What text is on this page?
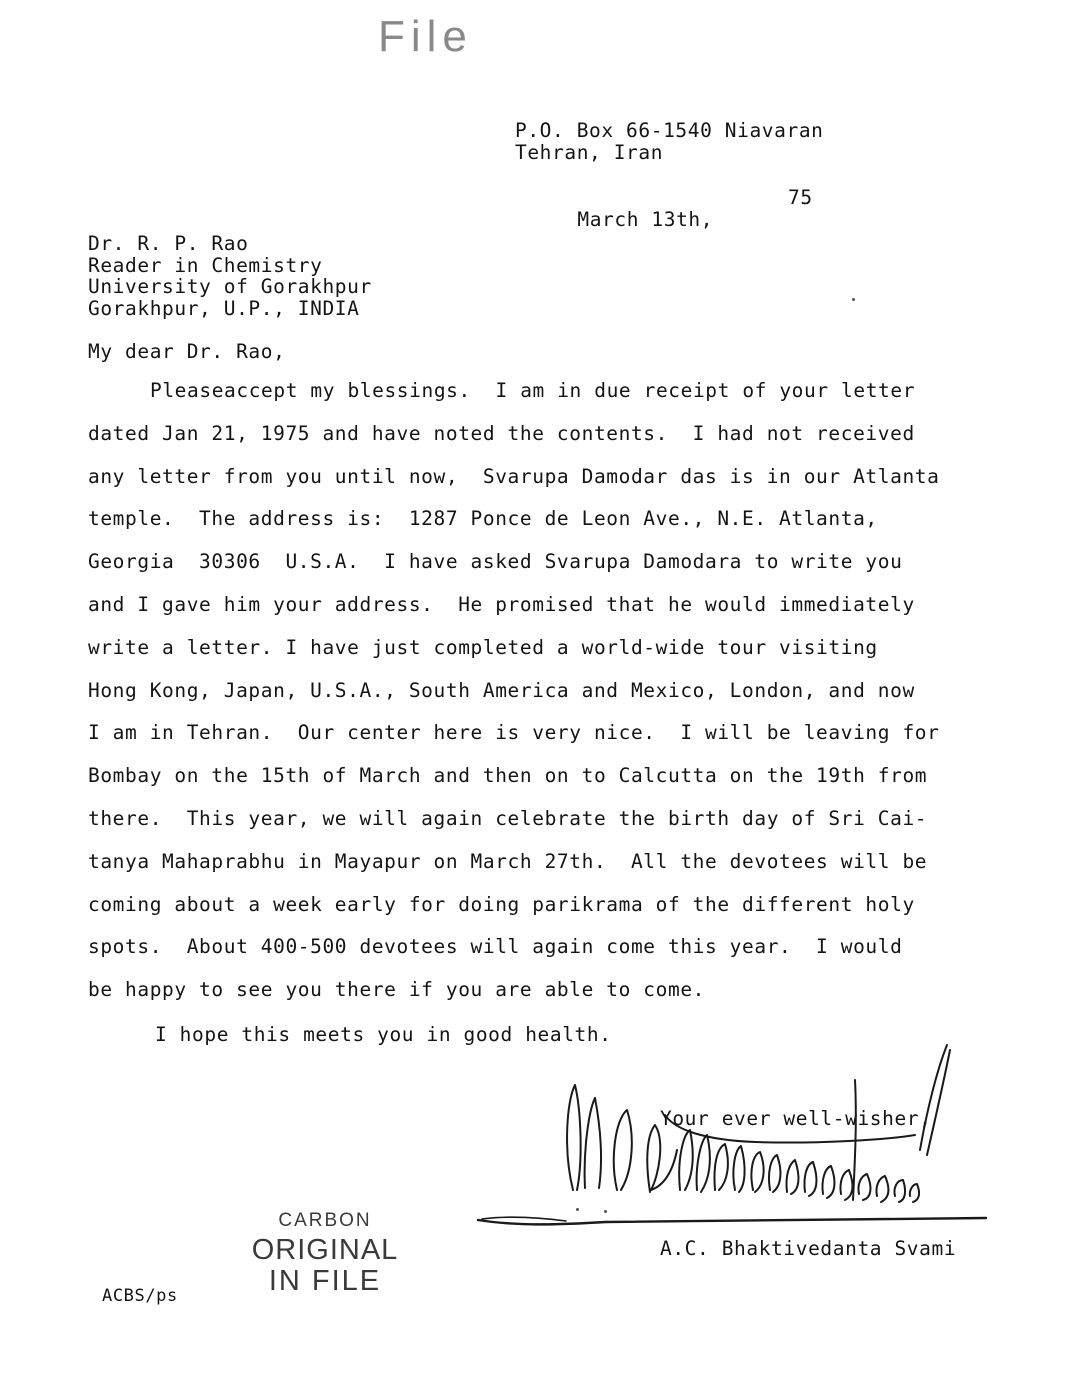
File
P.O. Box 66-1540 Niavaran
Tehran, Iran

March 13th,

75

Dr. R. P. Rao
Reader in Chemistry
University of Gorakhpur
Gorakhpur, U.P., INDIA
My dear Dr. Rao,
Pleaseaccept my blessings.  I am in due receipt of your letter
dated Jan 21, 1975 and have noted the contents.  I had not received
any letter from you until now,  Svarupa Damodar das is in our Atlanta
temple.  The address is:  1287 Ponce de Leon Ave., N.E. Atlanta,
Georgia  30306  U.S.A.  I have asked Svarupa Damodara to write you
and I gave him your address.  He promised that he would immediately
write a letter. I have just completed a world-wide tour visiting
Hong Kong, Japan, U.S.A., South America and Mexico, London, and now
I am in Tehran.  Our center here is very nice.  I will be leaving for
Bombay on the 15th of March and then on to Calcutta on the 19th from
there.  This year, we will again celebrate the birth day of Sri Cai-
tanya Mahaprabhu in Mayapur on March 27th.  All the devotees will be
coming about a week early for doing parikrama of the different holy
spots.  About 400-500 devotees will again come this year.  I would
be happy to see you there if you are able to come.
I hope this meets you in good health.
Your ever well-wisher,
A.C. Bhaktivedanta Svami
CARBON
ORIGINAL
IN FILE
ACBS/ps
